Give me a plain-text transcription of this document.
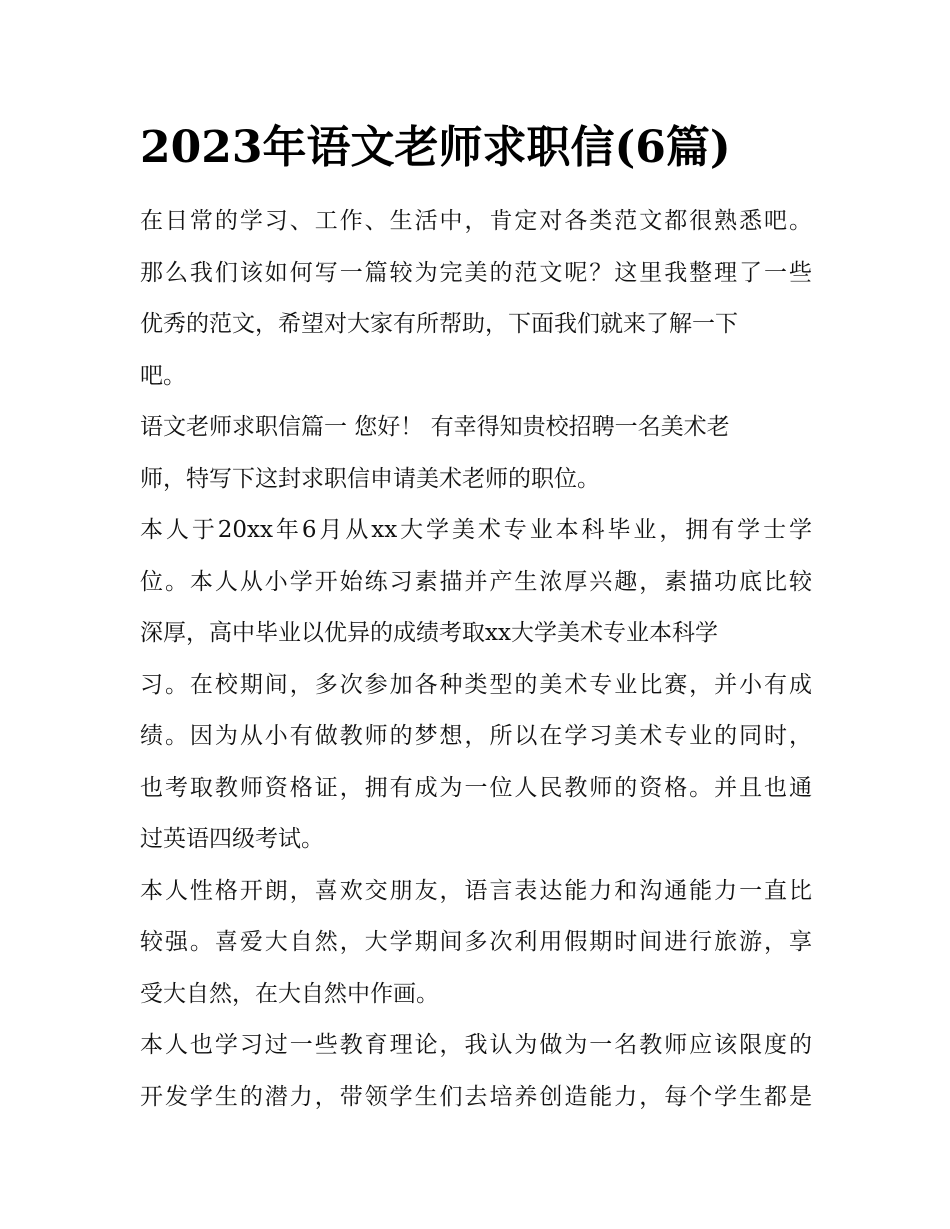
2023年语文老师求职信(6篇)
在日常的学习、工作、生活中，肯定对各类范文都很熟悉吧。
那么我们该如何写一篇较为完美的范文呢？这里我整理了一些
优秀的范文，希望对大家有所帮助，下面我们就来了解一下
吧。
语文老师求职信篇一 您好！ 有幸得知贵校招聘一名美术老
师，特写下这封求职信申请美术老师的职位。
本人于20xx年6月从xx大学美术专业本科毕业，拥有学士学
位。本人从小学开始练习素描并产生浓厚兴趣，素描功底比较
深厚，高中毕业以优异的成绩考取xx大学美术专业本科学
习。在校期间，多次参加各种类型的美术专业比赛，并小有成
绩。因为从小有做教师的梦想，所以在学习美术专业的同时，
也考取教师资格证，拥有成为一位人民教师的资格。并且也通
过英语四级考试。
本人性格开朗，喜欢交朋友，语言表达能力和沟通能力一直比
较强。喜爱大自然，大学期间多次利用假期时间进行旅游，享
受大自然，在大自然中作画。
本人也学习过一些教育理论，我认为做为一名教师应该限度的
开发学生的潜力，带领学生们去培养创造能力，每个学生都是
